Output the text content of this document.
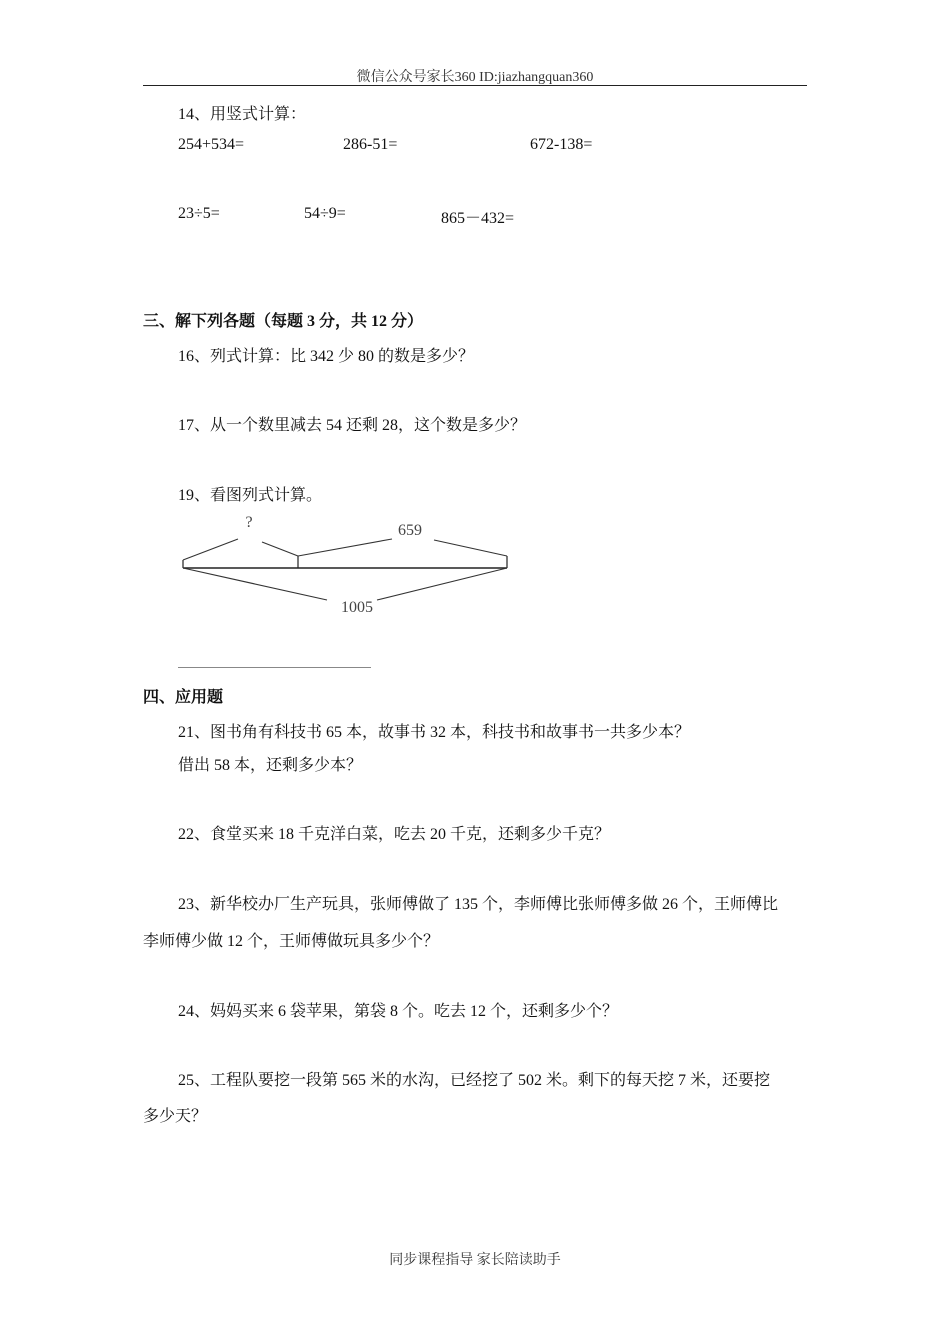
微信公众号家长360 ID:jiazhangquan360
14、用竖式计算：
254+534=	286-51=	672-138=
23÷5=	54÷9=	865－432=
三、解下列各题（每题 3 分，共 12 分）
16、列式计算：比 342 少 80 的数是多少？
17、从一个数里减去 54 还剩 28，这个数是多少？
19、看图列式计算。
?	659
1005
四、应用题
21、图书角有科技书 65 本，故事书 32 本，科技书和故事书一共多少本？
借出 58 本，还剩多少本？
22、食堂买来 18 千克洋白菜，吃去 20 千克，还剩多少千克？
23、新华校办厂生产玩具，张师傅做了 135 个，李师傅比张师傅多做 26 个，王师傅比
李师傅少做 12 个，王师傅做玩具多少个？
24、妈妈买来 6 袋苹果，第袋 8 个。吃去 12 个，还剩多少个？
25、工程队要挖一段第 565 米的水沟，已经挖了 502 米。剩下的每天挖 7 米，还要挖
多少天？
同步课程指导 家长陪读助手
